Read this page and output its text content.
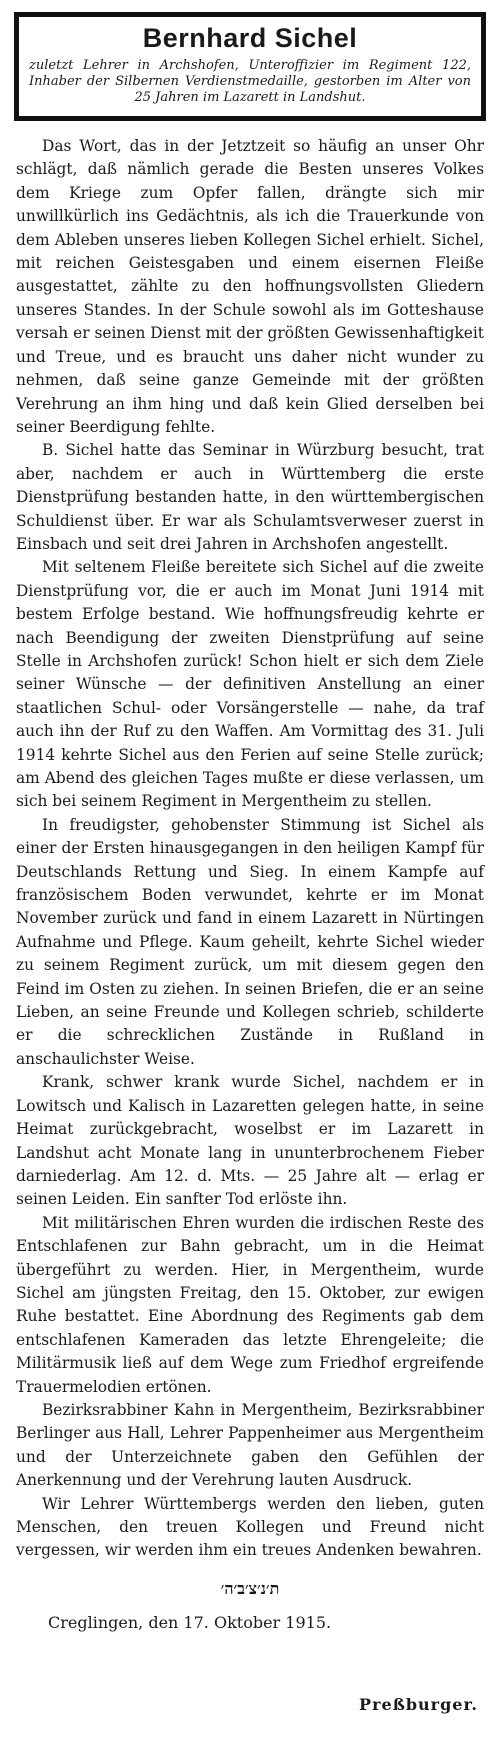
Bernhard Sichel
zuletzt Lehrer in Archshofen, Unteroffizier im Regiment 122, Inhaber der Silbernen Verdienstmedaille, gestorben im Alter von 25 Jahren im Lazarett in Landshut.

Das Wort, das in der Jetztzeit so häufig an unser Ohr schlägt, daß nämlich gerade die Besten unseres Volkes dem Kriege zum Opfer fallen, drängte sich mir unwillkürlich ins Gedächtnis, als ich die Trauerkunde von dem Ableben unseres lieben Kollegen Sichel erhielt. Sichel, mit reichen Geistesgaben und einem eisernen Fleiße ausgestattet, zählte zu den hoffnungsvollsten Gliedern unseres Standes. In der Schule sowohl als im Gotteshause versah er seinen Dienst mit der größten Gewissenhaftigkeit und Treue, und es braucht uns daher nicht wunder zu nehmen, daß seine ganze Gemeinde mit der größten Verehrung an ihm hing und daß kein Glied derselben bei seiner Beerdigung fehlte.

B. Sichel hatte das Seminar in Würzburg besucht, trat aber, nachdem er auch in Württemberg die erste Dienstprüfung bestanden hatte, in den württembergischen Schuldienst über. Er war als Schulamtsverweser zuerst in Einsbach und seit drei Jahren in Archshofen angestellt.

Mit seltenem Fleiße bereitete sich Sichel auf die zweite Dienstprüfung vor, die er auch im Monat Juni 1914 mit bestem Erfolge bestand. Wie hoffnungsfreudig kehrte er nach Beendigung der zweiten Dienstprüfung auf seine Stelle in Archshofen zurück! Schon hielt er sich dem Ziele seiner Wünsche — der definitiven Anstellung an einer staatlichen Schul- oder Vorsängerstelle — nahe, da traf auch ihn der Ruf zu den Waffen. Am Vormittag des 31. Juli 1914 kehrte Sichel aus den Ferien auf seine Stelle zurück; am Abend des gleichen Tages mußte er diese verlassen, um sich bei seinem Regiment in Mergentheim zu stellen.

In freudigster, gehobenster Stimmung ist Sichel als einer der Ersten hinausgegangen in den heiligen Kampf für Deutschlands Rettung und Sieg. In einem Kampfe auf französischem Boden verwundet, kehrte er im Monat November zurück und fand in einem Lazarett in Nürtingen Aufnahme und Pflege. Kaum geheilt, kehrte Sichel wieder zu seinem Regiment zurück, um mit diesem gegen den Feind im Osten zu ziehen. In seinen Briefen, die er an seine Lieben, an seine Freunde und Kollegen schrieb, schilderte er die schrecklichen Zustände in Rußland in anschaulichster Weise.

Krank, schwer krank wurde Sichel, nachdem er in Lowitsch und Kalisch in Lazaretten gelegen hatte, in seine Heimat zurückgebracht, woselbst er im Lazarett in Landshut acht Monate lang in ununterbrochenem Fieber darniederlag. Am 12. d. Mts. — 25 Jahre alt — erlag er seinen Leiden. Ein sanfter Tod erlöste ihn.

Mit militärischen Ehren wurden die irdischen Reste des Entschlafenen zur Bahn gebracht, um in die Heimat übergeführt zu werden. Hier, in Mergentheim, wurde Sichel am jüngsten Freitag, den 15. Oktober, zur ewigen Ruhe bestattet. Eine Abordnung des Regiments gab dem entschlafenen Kameraden das letzte Ehrengeleite; die Militärmusik ließ auf dem Wege zum Friedhof ergreifende Trauermelodien ertönen.

Bezirksrabbiner Kahn in Mergentheim, Bezirksrabbiner Berlinger aus Hall, Lehrer Pappenheimer aus Mergentheim und der Unterzeichnete gaben den Gefühlen der Anerkennung und der Verehrung lauten Ausdruck.

Wir Lehrer Württembergs werden den lieben, guten Menschen, den treuen Kollegen und Freund nicht vergessen, wir werden ihm ein treues Andenken bewahren.

ת׳נ׳צ׳ב׳ה׳
Creglingen, den 17. Oktober 1915.
Preßburger.
